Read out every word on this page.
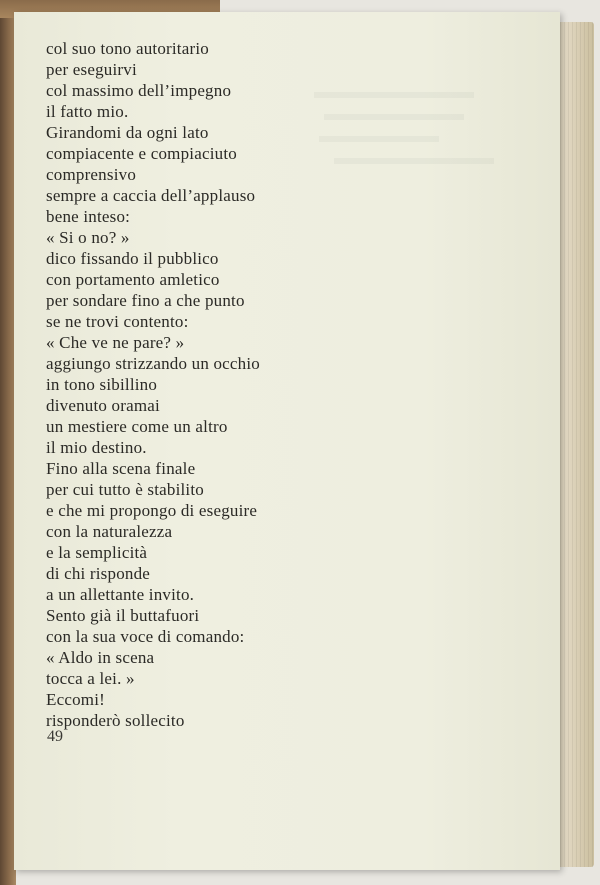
col suo tono autoritario
per eseguirvi
col massimo dell’impegno
il fatto mio.
Girandomi da ogni lato
compiacente e compiaciuto
comprensivo
sempre a caccia dell’applauso
bene inteso:
« Si o no? »
dico fissando il pubblico
con portamento amletico
per sondare fino a che punto
se ne trovi contento:
« Che ve ne pare? »
aggiungo strizzando un occhio
in tono sibillino
divenuto oramai
un mestiere come un altro
il mio destino.
Fino alla scena finale
per cui tutto è stabilito
e che mi propongo di eseguire
con la naturalezza
e la semplicità
di chi risponde
a un allettante invito.
Sento già il buttafuori
con la sua voce di comando:
« Aldo in scena
tocca a lei. »
Eccomi!
risponderò sollecito
49
